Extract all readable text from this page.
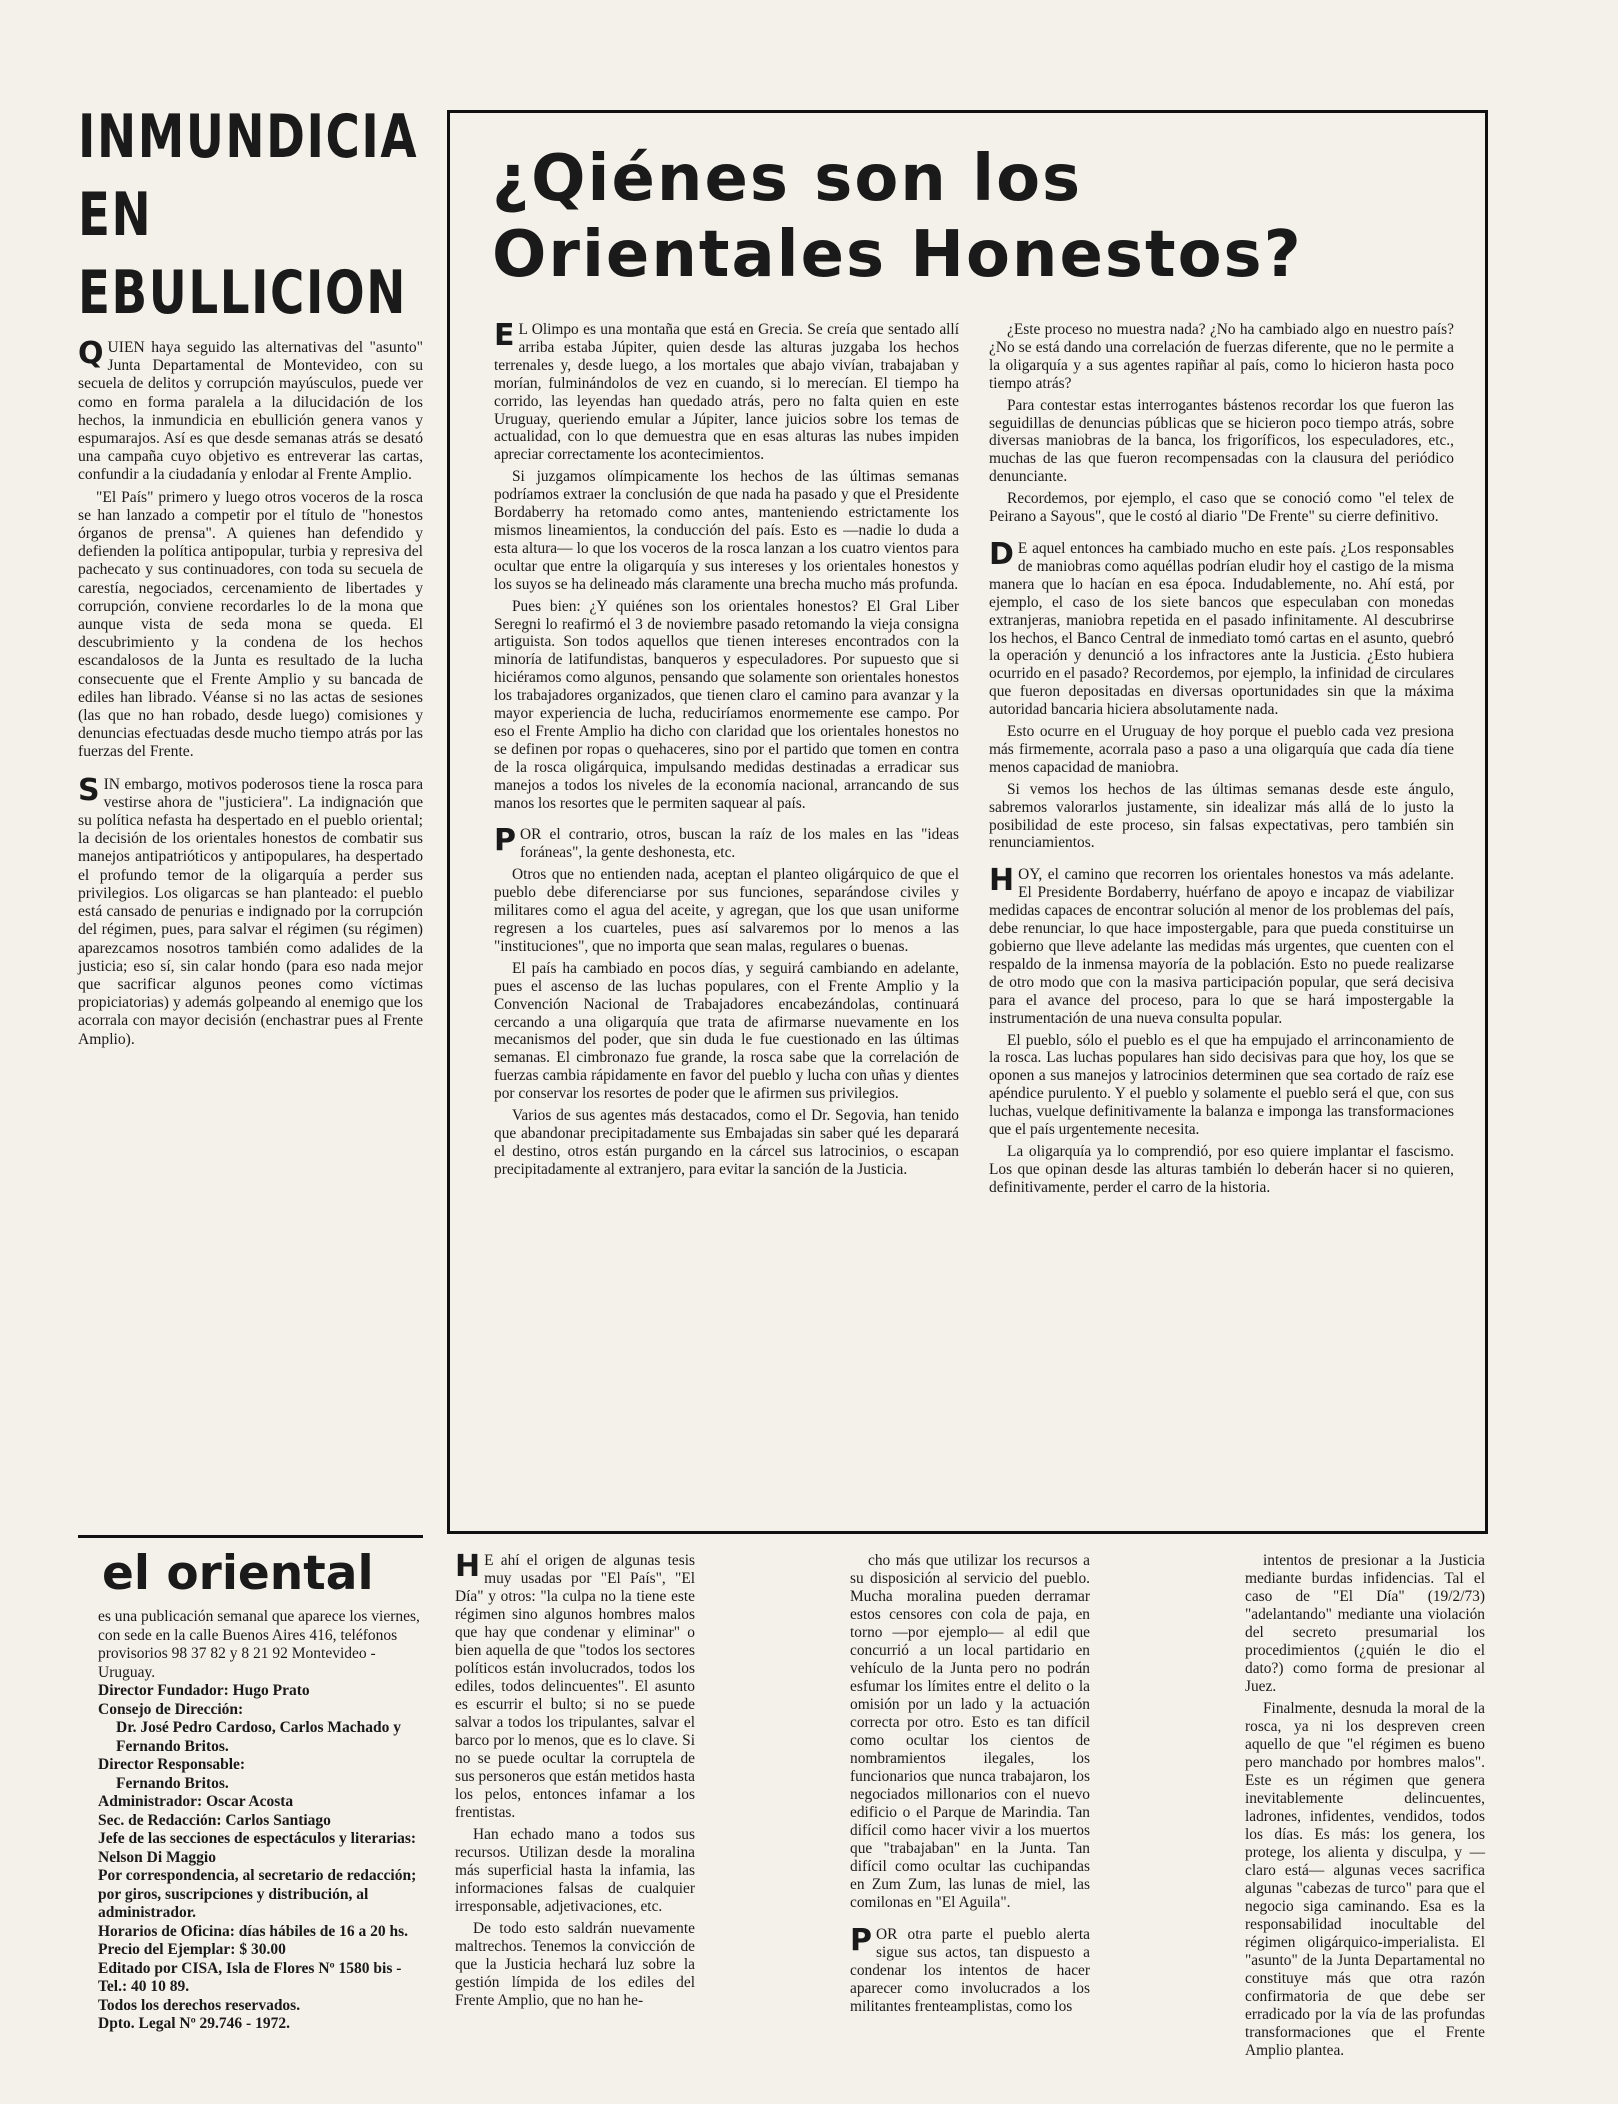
INMUNDICIA
EN
EBULLICION

QUIEN haya seguido las alternativas del "asunto" Junta Departamental de Montevideo, con su secuela de delitos y corrupción mayúsculos, puede ver como en forma paralela a la dilucidación de los hechos, la inmundicia en ebullición genera vanos y espumarajos. Así es que desde semanas atrás se desató una campaña cuyo objetivo es entreverar las cartas, confundir a la ciudadanía y enlodar al Frente Amplio.

"El País" primero y luego otros voceros de la rosca se han lanzado a competir por el título de "honestos órganos de prensa". A quienes han defendido y defienden la política antipopular, turbia y represiva del pachecato y sus continuadores, con toda su secuela de carestía, negociados, cercenamiento de libertades y corrupción, conviene recordarles lo de la mona que aunque vista de seda mona se queda. El descubrimiento y la condena de los hechos escandalosos de la Junta es resultado de la lucha consecuente que el Frente Amplio y su bancada de ediles han librado. Véanse si no las actas de sesiones (las que no han robado, desde luego) comisiones y denuncias efectuadas desde mucho tiempo atrás por las fuerzas del Frente.

SIN embargo, motivos poderosos tiene la rosca para vestirse ahora de "justiciera". La indignación que su política nefasta ha despertado en el pueblo oriental; la decisión de los orientales honestos de combatir sus manejos antipatrióticos y antipopulares, ha despertado el profundo temor de la oligarquía a perder sus privilegios. Los oligarcas se han planteado: el pueblo está cansado de penurias e indignado por la corrupción del régimen, pues, para salvar el régimen (su régimen) aparezcamos nosotros también como adalides de la justicia; eso sí, sin calar hondo (para eso nada mejor que sacrificar algunos peones como víctimas propiciatorias) y además golpeando al enemigo que los acorrala con mayor decisión (enchastrar pues al Frente Amplio).

el oriental
es una publicación semanal que aparece los viernes, con sede en la calle Buenos Aires 416, teléfonos provisorios 98 37 82 y 8 21 92 Montevideo - Uruguay.
Director Fundador: Hugo Prato
Consejo de Dirección:
Dr. José Pedro Cardoso, Carlos Machado y Fernando Britos.
Director Responsable:
Fernando Britos.
Administrador: Oscar Acosta
Sec. de Redacción: Carlos Santiago
Jefe de las secciones de espectáculos y literarias: Nelson Di Maggio
Por correspondencia, al secretario de redacción; por giros, suscripciones y distribución, al administrador.
Horarios de Oficina: días hábiles de 16 a 20 hs.
Precio del Ejemplar: $ 30.00
Editado por CISA, Isla de Flores Nº 1580 bis - Tel.: 40 10 89.
Todos los derechos reservados.
Dpto. Legal Nº 29.746 - 1972.
¿Qiénes son los
Orientales Honestos?

E L Olimpo es una montaña que está en Grecia. Se creía que sentado allí arriba estaba Júpiter, quien desde las alturas juzgaba los hechos terrenales y, desde luego, a los mortales que abajo vivían, trabajaban y morían, fulminándolos de vez en cuando, si lo merecían. El tiempo ha corrido, las leyendas han quedado atrás, pero no falta quien en este Uruguay, queriendo emular a Júpiter, lance juicios sobre los temas de actualidad, con lo que demuestra que en esas alturas las nubes impiden apreciar correctamente los acontecimientos.

Si juzgamos olímpicamente los hechos de las últimas semanas podríamos extraer la conclusión de que nada ha pasado y que el Presidente Bordaberry ha retomado como antes, manteniendo estrictamente los mismos lineamientos, la conducción del país. Esto es —nadie lo duda a esta altura— lo que los voceros de la rosca lanzan a los cuatro vientos para ocultar que entre la oligarquía y sus intereses y los orientales honestos y los suyos se ha delineado más claramente una brecha mucho más profunda.

Pues bien: ¿Y quiénes son los orientales honestos? El Gral Liber Seregni lo reafirmó el 3 de noviembre pasado retomando la vieja consigna artiguista. Son todos aquellos que tienen intereses encontrados con la minoría de latifundistas, banqueros y especuladores. Por supuesto que si hiciéramos como algunos, pensando que solamente son orientales honestos los trabajadores organizados, que tienen claro el camino para avanzar y la mayor experiencia de lucha, reduciríamos enormemente ese campo. Por eso el Frente Amplio ha dicho con claridad que los orientales honestos no se definen por ropas o quehaceres, sino por el partido que tomen en contra de la rosca oligárquica, impulsando medidas destinadas a erradicar sus manejos a todos los niveles de la economía nacional, arrancando de sus manos los resortes que le permiten saquear al país.

POR el contrario, otros, buscan la raíz de los males en las "ideas foráneas", la gente deshonesta, etc.

Otros que no entienden nada, aceptan el planteo oligárquico de que el pueblo debe diferenciarse por sus funciones, separándose civiles y militares como el agua del aceite, y agregan, que los que usan uniforme regresen a los cuarteles, pues así salvaremos por lo menos a las "instituciones", que no importa que sean malas, regulares o buenas.

El país ha cambiado en pocos días, y seguirá cambiando en adelante, pues el ascenso de las luchas populares, con el Frente Amplio y la Convención Nacional de Trabajadores encabezándolas, continuará cercando a una oligarquía que trata de afirmarse nuevamente en los mecanismos del poder, que sin duda le fue cuestionado en las últimas semanas. El cimbronazo fue grande, la rosca sabe que la correlación de fuerzas cambia rápidamente en favor del pueblo y lucha con uñas y dientes por conservar los resortes de poder que le afirmen sus privilegios.

Varios de sus agentes más destacados, como el Dr. Segovia, han tenido que abandonar precipitadamente sus Embajadas sin saber qué les deparará el destino, otros están purgando en la cárcel sus latrocinios, o escapan precipitadamente al extranjero, para evitar la sanción de la Justicia.

¿Este proceso no muestra nada? ¿No ha cambiado algo en nuestro país? ¿No se está dando una correlación de fuerzas diferente, que no le permite a la oligarquía y a sus agentes rapiñar al país, como lo hicieron hasta poco tiempo atrás?

Para contestar estas interrogantes bástenos recordar los que fueron las seguidillas de denuncias públicas que se hicieron poco tiempo atrás, sobre diversas maniobras de la banca, los frigoríficos, los especuladores, etc., muchas de las que fueron recompensadas con la clausura del periódico denunciante.

Recordemos, por ejemplo, el caso que se conoció como "el telex de Peirano a Sayous", que le costó al diario "De Frente" su cierre definitivo.

D E aquel entonces ha cambiado mucho en este país. ¿Los responsables de maniobras como aquéllas podrían eludir hoy el castigo de la misma manera que lo hacían en esa época. Indudablemente, no. Ahí está, por ejemplo, el caso de los siete bancos que especulaban con monedas extranjeras, maniobra repetida en el pasado infinitamente. Al descubrirse los hechos, el Banco Central de inmediato tomó cartas en el asunto, quebró la operación y denunció a los infractores ante la Justicia. ¿Esto hubiera ocurrido en el pasado? Recordemos, por ejemplo, la infinidad de circulares que fueron depositadas en diversas oportunidades sin que la máxima autoridad bancaria hiciera absolutamente nada.

Esto ocurre en el Uruguay de hoy porque el pueblo cada vez presiona más firmemente, acorrala paso a paso a una oligarquía que cada día tiene menos capacidad de maniobra.

Si vemos los hechos de las últimas semanas desde este ángulo, sabremos valorarlos justamente, sin idealizar más allá de lo justo la posibilidad de este proceso, sin falsas expectativas, pero también sin renunciamientos.

HOY, el camino que recorren los orientales honestos va más adelante. El Presidente Bordaberry, huérfano de apoyo e incapaz de viabilizar medidas capaces de encontrar solución al menor de los problemas del país, debe renunciar, lo que hace impostergable, para que pueda constituirse un gobierno que lleve adelante las medidas más urgentes, que cuenten con el respaldo de la inmensa mayoría de la población. Esto no puede realizarse de otro modo que con la masiva participación popular, que será decisiva para el avance del proceso, para lo que se hará impostergable la instrumentación de una nueva consulta popular.

El pueblo, sólo el pueblo es el que ha empujado el arrinconamiento de la rosca. Las luchas populares han sido decisivas para que hoy, los que se oponen a sus manejos y latrocinios determinen que sea cortado de raíz ese apéndice purulento. Y el pueblo y solamente el pueblo será el que, con sus luchas, vuelque definitivamente la balanza e imponga las transformaciones que el país urgentemente necesita.

La oligarquía ya lo comprendió, por eso quiere implantar el fascismo. Los que opinan desde las alturas también lo deberán hacer si no quieren, definitivamente, perder el carro de la historia.

H E ahí el origen de algunas tesis muy usadas por "El País", "El Día" y otros: "la culpa no la tiene este régimen sino algunos hombres malos que hay que condenar y eliminar" o bien aquella de que "todos los sectores políticos están involucrados, todos los ediles, todos delincuentes". El asunto es escurrir el bulto; si no se puede salvar a todos los tripulantes, salvar el barco por lo menos, que es lo clave. Si no se puede ocultar la corruptela de sus personeros que están metidos hasta los pelos, entonces infamar a los frentistas.

Han echado mano a todos sus recursos. Utilizan desde la moralina más superficial hasta la infamia, las informaciones falsas de cualquier irresponsable, adjetivaciones, etc.

De todo esto saldrán nuevamente maltrechos. Tenemos la convicción de que la Justicia hechará luz sobre la gestión límpida de los ediles del Frente Amplio, que no han he-

cho más que utilizar los recursos a su disposición al servicio del pueblo. Mucha moralina pueden derramar estos censores con cola de paja, en torno —por ejemplo— al edil que concurrió a un local partidario en vehículo de la Junta pero no podrán esfumar los límites entre el delito o la omisión por un lado y la actuación correcta por otro. Esto es tan difícil como ocultar los cientos de nombramientos ilegales, los funcionarios que nunca trabajaron, los negociados millonarios con el nuevo edificio o el Parque de Marindia. Tan difícil como hacer vivir a los muertos que "trabajaban" en la Junta. Tan difícil como ocultar las cuchipandas en Zum Zum, las lunas de miel, las comilonas en "El Aguila".

POR otra parte el pueblo alerta sigue sus actos, tan dispuesto a condenar los intentos de hacer aparecer como involucrados a los militantes frenteamplistas, como los

intentos de presionar a la Justicia mediante burdas infidencias. Tal el caso de "El Día" (19/2/73) "adelantando" mediante una violación del secreto presumarial los procedimientos (¿quién le dio el dato?) como forma de presionar al Juez.

Finalmente, desnuda la moral de la rosca, ya ni los despreven creen aquello de que "el régimen es bueno pero manchado por hombres malos". Este es un régimen que genera inevitablemente delincuentes, ladrones, infidentes, vendidos, todos los días. Es más: los genera, los protege, los alienta y disculpa, y —claro está— algunas veces sacrifica algunas "cabezas de turco" para que el negocio siga caminando. Esa es la responsabilidad inocultable del régimen oligárquico-imperialista. El "asunto" de la Junta Departamental no constituye más que otra razón confirmatoria de que debe ser erradicado por la vía de las profundas transformaciones que el Frente Amplio plantea.
